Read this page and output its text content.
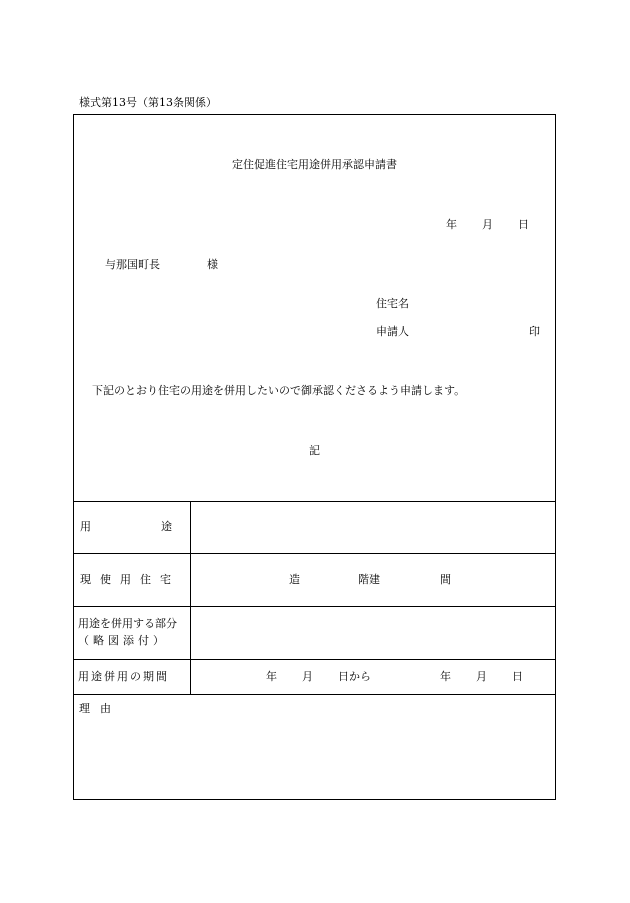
様式第13号（第13条関係）
定住促進住宅用途併用承認申請書
年 月 日
与那国町長	様
住宅名
申請人	印
下記のとおり住宅の用途を併用したいので御承認くださるよう申請します。
記
用途
現使用住宅	造	階建	間
用途を併用する部分
（略図添付）
用途併用の期間	年 月 日から	年 月 日
理由
